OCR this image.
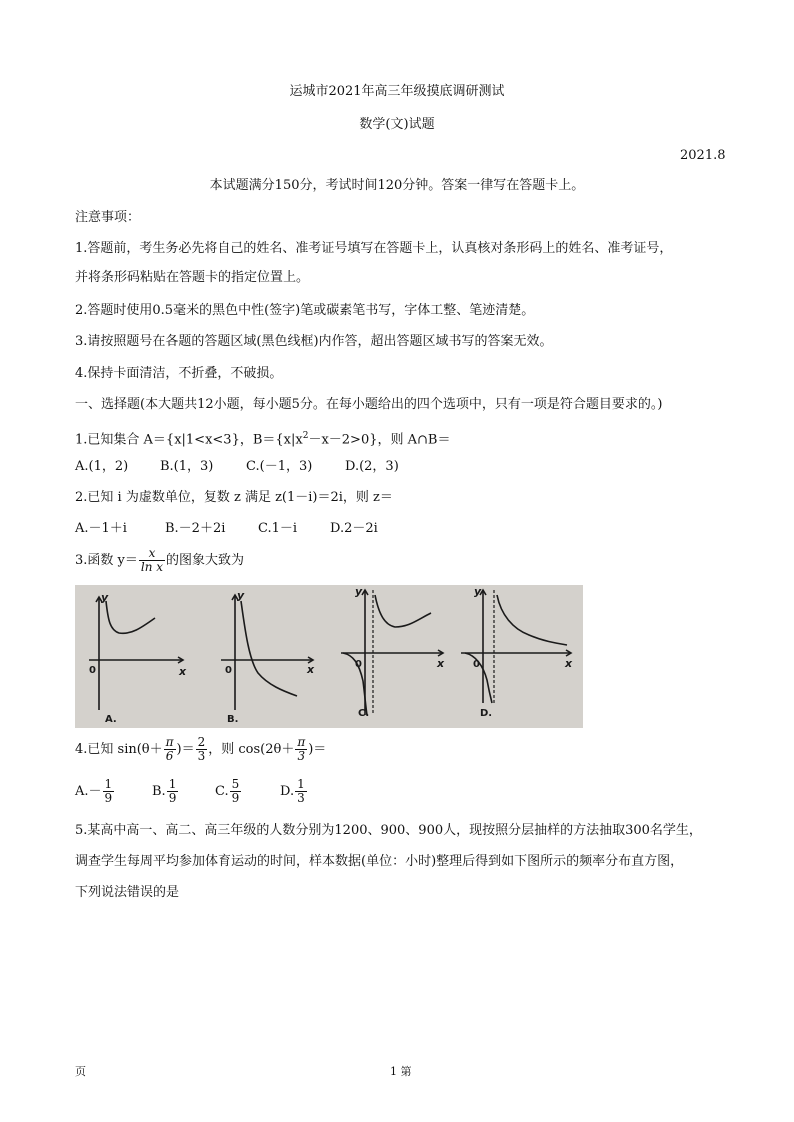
运城市2021年高三年级摸底调研测试
数学(文)试题
2021.8
本试题满分150分，考试时间120分钟。答案一律写在答题卡上。
注意事项：
1.答题前，考生务必先将自己的姓名、准考证号填写在答题卡上，认真核对条形码上的姓名、准考证号，
并将条形码粘贴在答题卡的指定位置上。
2.答题时使用0.5毫米的黑色中性(签字)笔或碳素笔书写，字体工整、笔迹清楚。
3.请按照题号在各题的答题区域(黑色线框)内作答，超出答题区域书写的答案无效。
4.保持卡面清洁，不折叠，不破损。
一、选择题(本大题共12小题，每小题5分。在每小题给出的四个选项中，只有一项是符合题目要求的。)
1.已知集合 A＝{x|1<x<3}，$B=\{x|x^2-x-2>0\}$，则 A∩B＝
A.(1，2) B.(1，3)	C.(－1，3)	D.(2，3)
2.已知 i 为虚数单位，复数 z 满足 z(1－i)＝2i，则 z＝
A.－1＋i	B.－2＋2i	C.1－i	D.2－2i
3.函数 $y= \frac{x}{\text{ln x}}$ 的图象大致为
y
x
y
x
y
x
y
x
0	0
0	0
A.	B.
C.	D.
4.已知 $\sin(\theta+ \frac{\pi}{6}$ )＝ $\frac{2}{3}$ ，则 $\cos(2\theta+ \frac{\pi}{3}$ )＝
$A.- \frac{1}{9}$	B. $\frac{1}{9}$	C. $\frac{5}{9}$	D. $\frac{1}{3}$
5.某高中高一、高二、高三年级的人数分别为1200、900、900人，现按照分层抽样的方法抽取300名学生，
调查学生每周平均参加体育运动的时间，样本数据(单位：小时)整理后得到如下图所示的频率分布直方图，
下列说法错误的是
页	1 第
